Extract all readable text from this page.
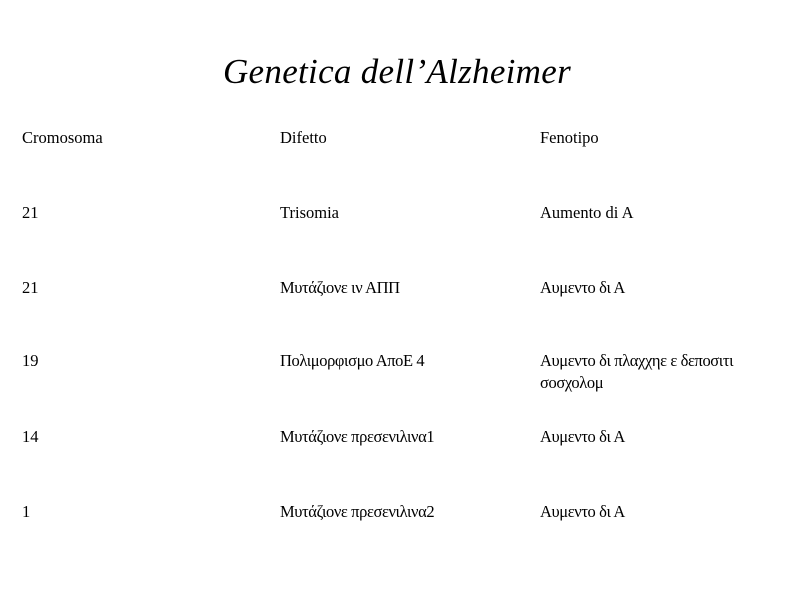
Genetica dell’Alzheimer
Cromosoma	Difetto	Fenotipo
21	Trisomia	Aumento di A
21	Μυτάζιονε ιν ΑΠΠ	Αυμεντο δι Α
19	Πολιμορφισμο ΑποΕ 4	Αυμεντο δι πλαχχηε ε δεποσιτι
σοσχολομ
14	Μυτάζιονε πρεσενιλινα1	Αυμεντο δι Α
1	Μυτάζιονε πρεσενιλινα2	Αυμεντο δι Α
